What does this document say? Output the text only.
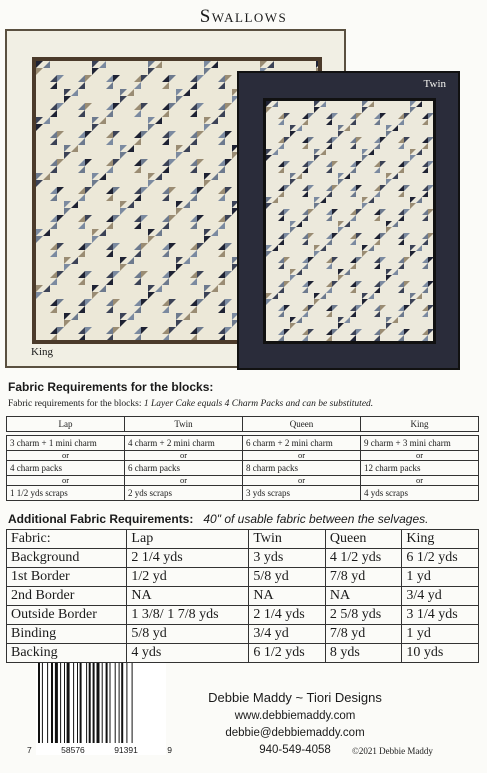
Swallows
King
Twin
Fabric Requirements for the blocks:
Fabric requirements for the blocks: 1 Layer Cake equals 4 Charm Packs and can be substituted.
Lap	Twin	Queen	King

3 charm + 1 mini charm	4 charm + 2 mini charm	6 charm + 2 mini charm	9 charm + 3 mini charm
or	or	or	or
4 charm packs	6 charm packs	8 charm packs	12 charm packs
or	or	or	or
1 1/2 yds scraps	2 yds scraps	3 yds scraps	4 yds scraps
Additional Fabric Requirements: 40" of usable fabric between the selvages.
Fabric:	Lap	Twin	Queen	King
Background	2 1/4 yds	3 yds	4 1/2 yds	6 1/2 yds
1st Border	1/2 yd	5/8 yd	7/8 yd	1 yd
2nd Border	NA	NA	NA	3/4 yd
Outside Border	1 3/8/ 1 7/8 yds	2 1/4 yds	2 5/8 yds	3 1/4 yds
Binding	5/8 yd	3/4 yd	7/8 yd	1 yd
Backing	4 yds	6 1/2 yds	8 yds	10 yds
7	58576	91391	9
Debbie Maddy ~ Tiori Designs
www.debbiemaddy.com
debbie@debbiemaddy.com
940-549-4058	©2021 Debbie Maddy
